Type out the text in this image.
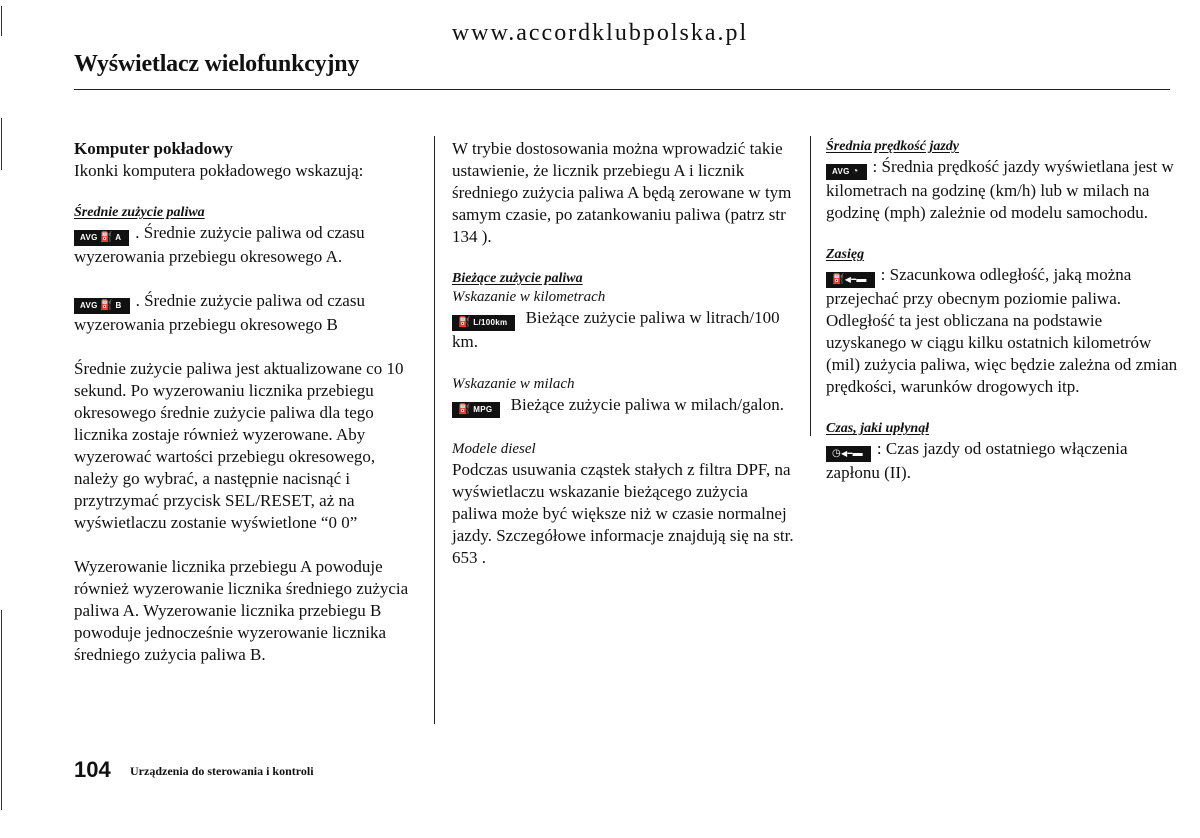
www.accordklubpolska.pl
Wyświetlacz wielofunkcyjny

Komputer pokładowy

Ikonki komputera pokładowego wskazują:

Średnie zużycie paliwa

AVG ⛽ A . Średnie zużycie paliwa od czasu wyzerowania przebiegu okresowego A.

AVG ⛽ B . Średnie zużycie paliwa od czasu wyzerowania przebiegu okresowego B

Średnie zużycie paliwa jest aktualizowane co 10 sekund. Po wyzerowaniu licznika przebiegu okresowego średnie zużycie paliwa dla tego licznika zostaje również wyzerowane. Aby wyzerować wartości przebiegu okresowego, należy go wybrać, a następnie nacisnąć i przytrzymać przycisk SEL/RESET, aż na wyświetlaczu zostanie wyświetlone “0 0”

Wyzerowanie licznika przebiegu A powoduje również wyzerowanie licznika średniego zużycia paliwa A. Wyzerowanie licznika przebiegu B powoduje jednocześnie wyzerowanie licznika średniego zużycia paliwa B.

W trybie dostosowania można wprowadzić takie ustawienie, że licznik przebiegu A i licznik średniego zużycia paliwa A będą zerowane w tym samym czasie, po zatankowaniu paliwa (patrz str 134 ).

Bieżące zużycie paliwa

Wskazanie w kilometrach

⛽ L/100km Bieżące zużycie paliwa w litrach/100 km.

Wskazanie w milach

⛽ MPG Bieżące zużycie paliwa w milach/galon.

Modele diesel

Podczas usuwania cząstek stałych z filtra DPF, na wyświetlaczu wskazanie bieżącego zużycia paliwa może być większe niż w czasie normalnej jazdy. Szczegółowe informacje znajdują się na str. 653 .

Średnia prędkość jazdy

AVG ◔ : Średnia prędkość jazdy wyświetlana jest w kilometrach na godzinę (km/h) lub w milach na godzinę (mph) zależnie od modelu samochodu.

Zasięg

⛽◀━▬ : Szacunkowa odległość, jaką można przejechać przy obecnym poziomie paliwa.

Odległość ta jest obliczana na podstawie uzyskanego w ciągu kilku ostatnich kilometrów (mil) zużycia paliwa, więc będzie zależna od zmian prędkości, warunków drogowych itp.

Czas, jaki upłynął

◷◀━▬ : Czas jazdy od ostatniego włączenia zapłonu (II).

104 Urządzenia do sterowania i kontroli
